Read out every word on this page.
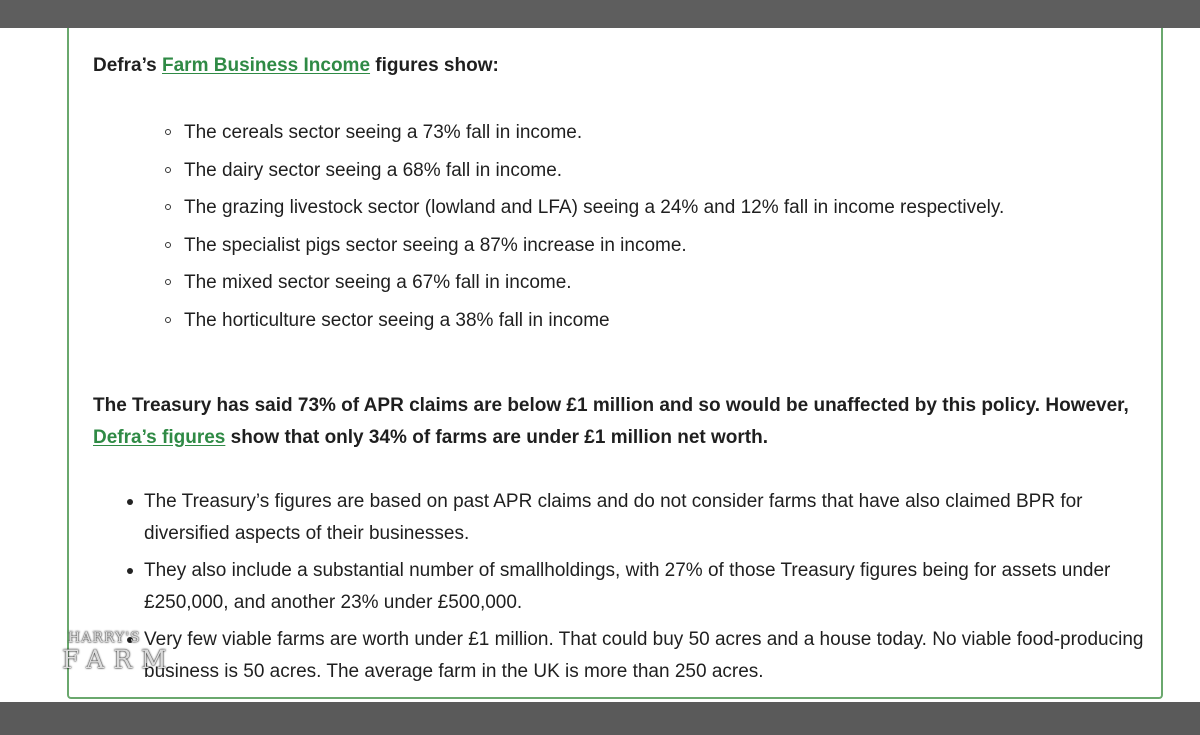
Defra’s Farm Business Income figures show:
The cereals sector seeing a 73% fall in income.
The dairy sector seeing a 68% fall in income.
The grazing livestock sector (lowland and LFA) seeing a 24% and 12% fall in income respectively.
The specialist pigs sector seeing a 87% increase in income.
The mixed sector seeing a 67% fall in income.
The horticulture sector seeing a 38% fall in income
The Treasury has said 73% of APR claims are below £1 million and so would be unaffected by this policy. However, Defra’s figures show that only 34% of farms are under £1 million net worth.
The Treasury’s figures are based on past APR claims and do not consider farms that have also claimed BPR for diversified aspects of their businesses.
They also include a substantial number of smallholdings, with 27% of those Treasury figures being for assets under £250,000, and another 23% under £500,000.
Very few viable farms are worth under £1 million. That could buy 50 acres and a house today. No viable food-producing business is 50 acres. The average farm in the UK is more than 250 acres.
HARRY'S
FARM
